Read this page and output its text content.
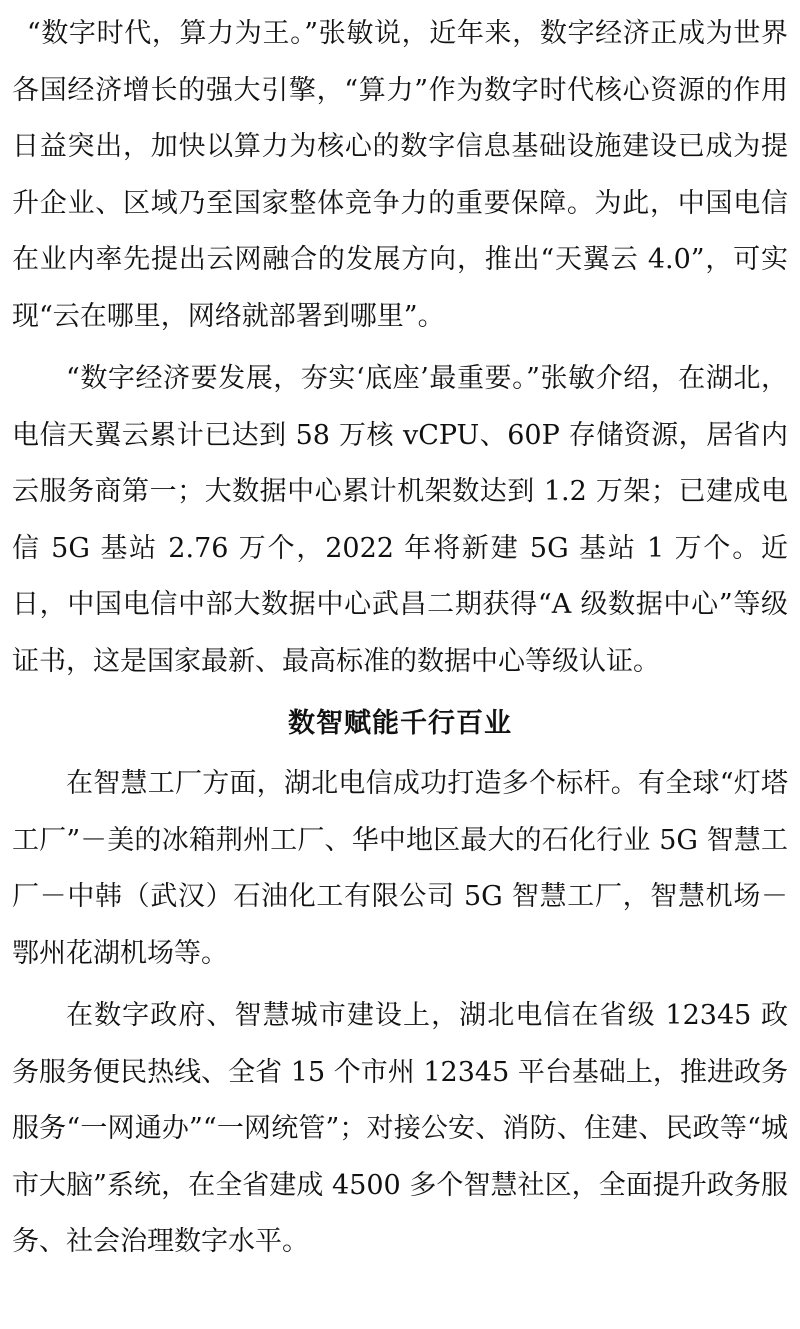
“数字时代，算力为王。”张敏说，近年来，数字经济正成为世界各国经济增长的强大引擎，“算力”作为数字时代核心资源的作用日益突出，加快以算力为核心的数字信息基础设施建设已成为提升企业、区域乃至国家整体竞争力的重要保障。为此，中国电信在业内率先提出云网融合的发展方向，推出“天翼云 4.0”，可实现“云在哪里，网络就部署到哪里”。

“数字经济要发展，夯实‘底座’最重要。”张敏介绍，在湖北，电信天翼云累计已达到 58 万核 vCPU、60P 存储资源，居省内云服务商第一；大数据中心累计机架数达到 1.2 万架；已建成电信 5G 基站 2.76 万个，2022 年将新建 5G 基站 1 万个。近日，中国电信中部大数据中心武昌二期获得“A 级数据中心”等级证书，这是国家最新、最高标准的数据中心等级认证。

数智赋能千行百业

在智慧工厂方面，湖北电信成功打造多个标杆。有全球“灯塔工厂”－美的冰箱荆州工厂、华中地区最大的石化行业 5G 智慧工厂－中韩（武汉）石油化工有限公司 5G 智慧工厂，智慧机场－鄂州花湖机场等。

在数字政府、智慧城市建设上，湖北电信在省级 12345 政务服务便民热线、全省 15 个市州 12345 平台基础上，推进政务服务“一网通办”“一网统管”；对接公安、消防、住建、民政等“城市大脑”系统，在全省建成 4500 多个智慧社区，全面提升政务服务、社会治理数字水平。
